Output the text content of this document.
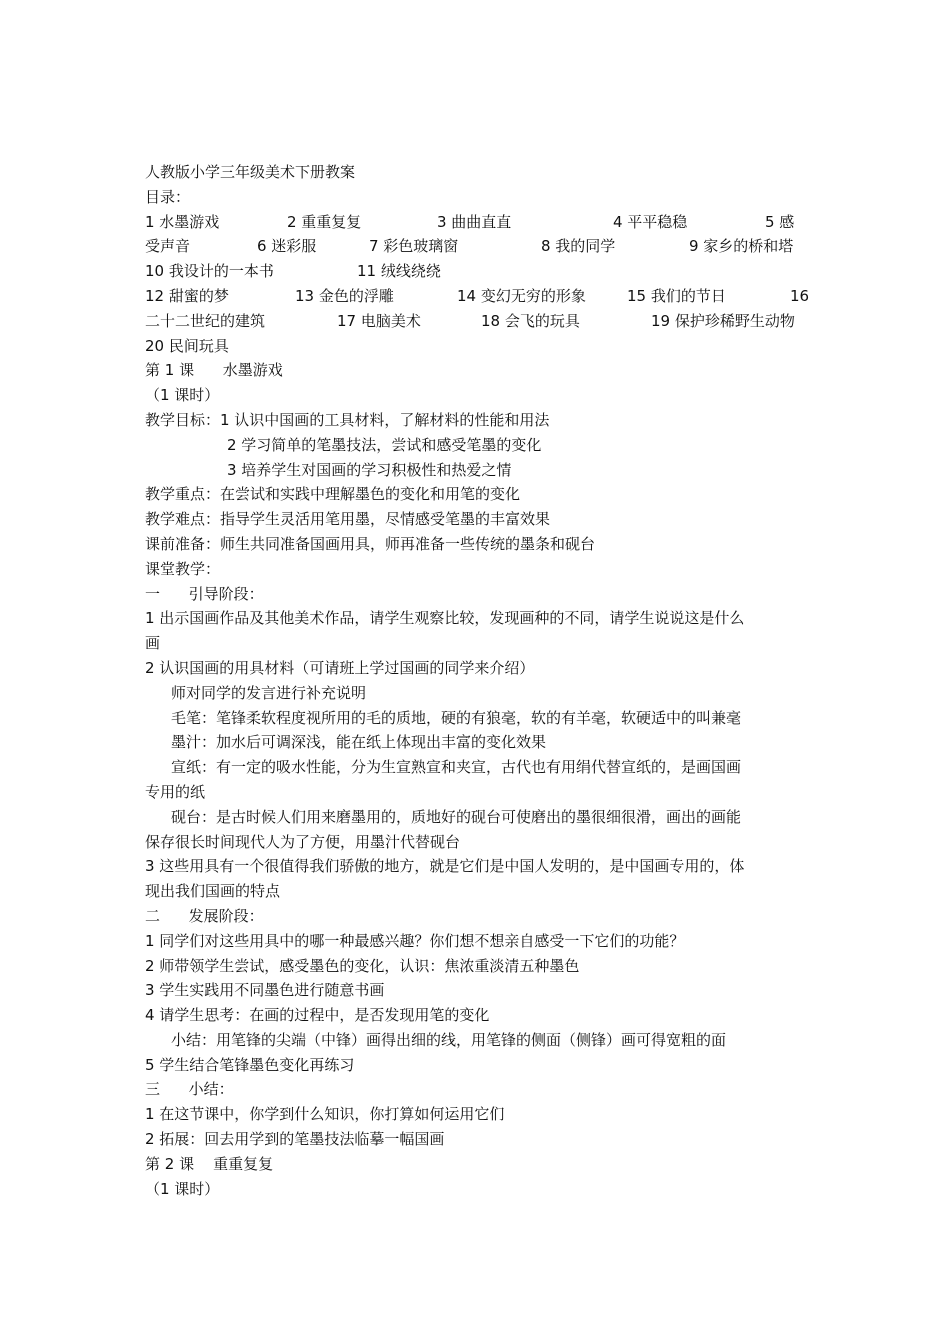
人教版小学三年级美术下册教案
目录：
1 水墨游戏	2 重重复复	3 曲曲直直	4 平平稳稳	5 感
受声音	6 迷彩服	7 彩色玻璃窗	8 我的同学	9 家乡的桥和塔
10 我设计的一本书	11 绒线绕绕
12 甜蜜的梦	13 金色的浮雕	14 变幻无穷的形象	15 我们的节日	16
二十二世纪的建筑	17 电脑美术	18 会飞的玩具	19 保护珍稀野生动物
20 民间玩具
第 1 课      水墨游戏
（1 课时）
教学目标：1 认识中国画的工具材料，了解材料的性能和用法
2 学习简单的笔墨技法，尝试和感受笔墨的变化
3 培养学生对国画的学习积极性和热爱之情
教学重点：在尝试和实践中理解墨色的变化和用笔的变化
教学难点：指导学生灵活用笔用墨，尽情感受笔墨的丰富效果
课前准备：师生共同准备国画用具，师再准备一些传统的墨条和砚台
课堂教学：
一      引导阶段：
1 出示国画作品及其他美术作品，请学生观察比较，发现画种的不同，请学生说说这是什么
画
2 认识国画的用具材料（可请班上学过国画的同学来介绍）
师对同学的发言进行补充说明
毛笔：笔锋柔软程度视所用的毛的质地，硬的有狼毫，软的有羊毫，软硬适中的叫兼毫
墨汁：加水后可调深浅，能在纸上体现出丰富的变化效果
宣纸：有一定的吸水性能，分为生宣熟宣和夹宣，古代也有用绢代替宣纸的，是画国画
专用的纸
砚台：是古时候人们用来磨墨用的，质地好的砚台可使磨出的墨很细很滑，画出的画能
保存很长时间现代人为了方便，用墨汁代替砚台
3 这些用具有一个很值得我们骄傲的地方，就是它们是中国人发明的，是中国画专用的，体
现出我们国画的特点
二      发展阶段：
1 同学们对这些用具中的哪一种最感兴趣？你们想不想亲自感受一下它们的功能？
2 师带领学生尝试，感受墨色的变化，认识：焦浓重淡清五种墨色
3 学生实践用不同墨色进行随意书画
4 请学生思考：在画的过程中，是否发现用笔的变化
小结：用笔锋的尖端（中锋）画得出细的线，用笔锋的侧面（侧锋）画可得宽粗的面
5 学生结合笔锋墨色变化再练习
三      小结：
1 在这节课中，你学到什么知识，你打算如何运用它们
2 拓展：回去用学到的笔墨技法临摹一幅国画
第 2 课    重重复复
（1 课时）
